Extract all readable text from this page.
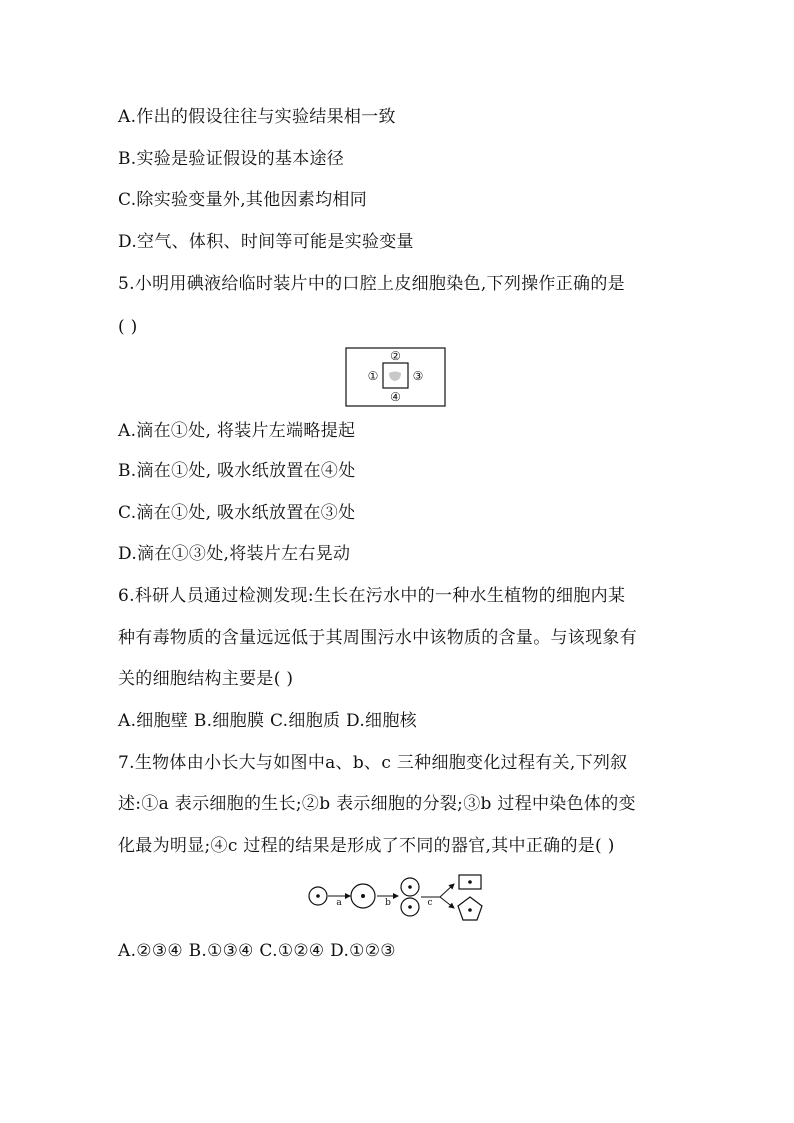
A.作出的假设往往与实验结果相一致
B.实验是验证假设的基本途径
C.除实验变量外,其他因素均相同
D.空气、体积、时间等可能是实验变量
5.小明用碘液给临时装片中的口腔上皮细胞染色,下列操作正确的是
( )
②
①	③
④
A.滴在①处, 将装片左端略提起
B.滴在①处, 吸水纸放置在④处
C.滴在①处, 吸水纸放置在③处
D.滴在①③处,将装片左右晃动
6.科研人员通过检测发现:生长在污水中的一种水生植物的细胞内某
种有毒物质的含量远远低于其周围污水中该物质的含量。与该现象有
关的细胞结构主要是( )
A.细胞壁 B.细胞膜 C.细胞质 D.细胞核
7.生物体由小长大与如图中a、b、c 三种细胞变化过程有关,下列叙
述:①a 表示细胞的生长;②b 表示细胞的分裂;③b 过程中染色体的变
化最为明显;④c 过程的结果是形成了不同的器官,其中正确的是( )
a	b	c
A.②③④ B.①③④ C.①②④ D.①②③
